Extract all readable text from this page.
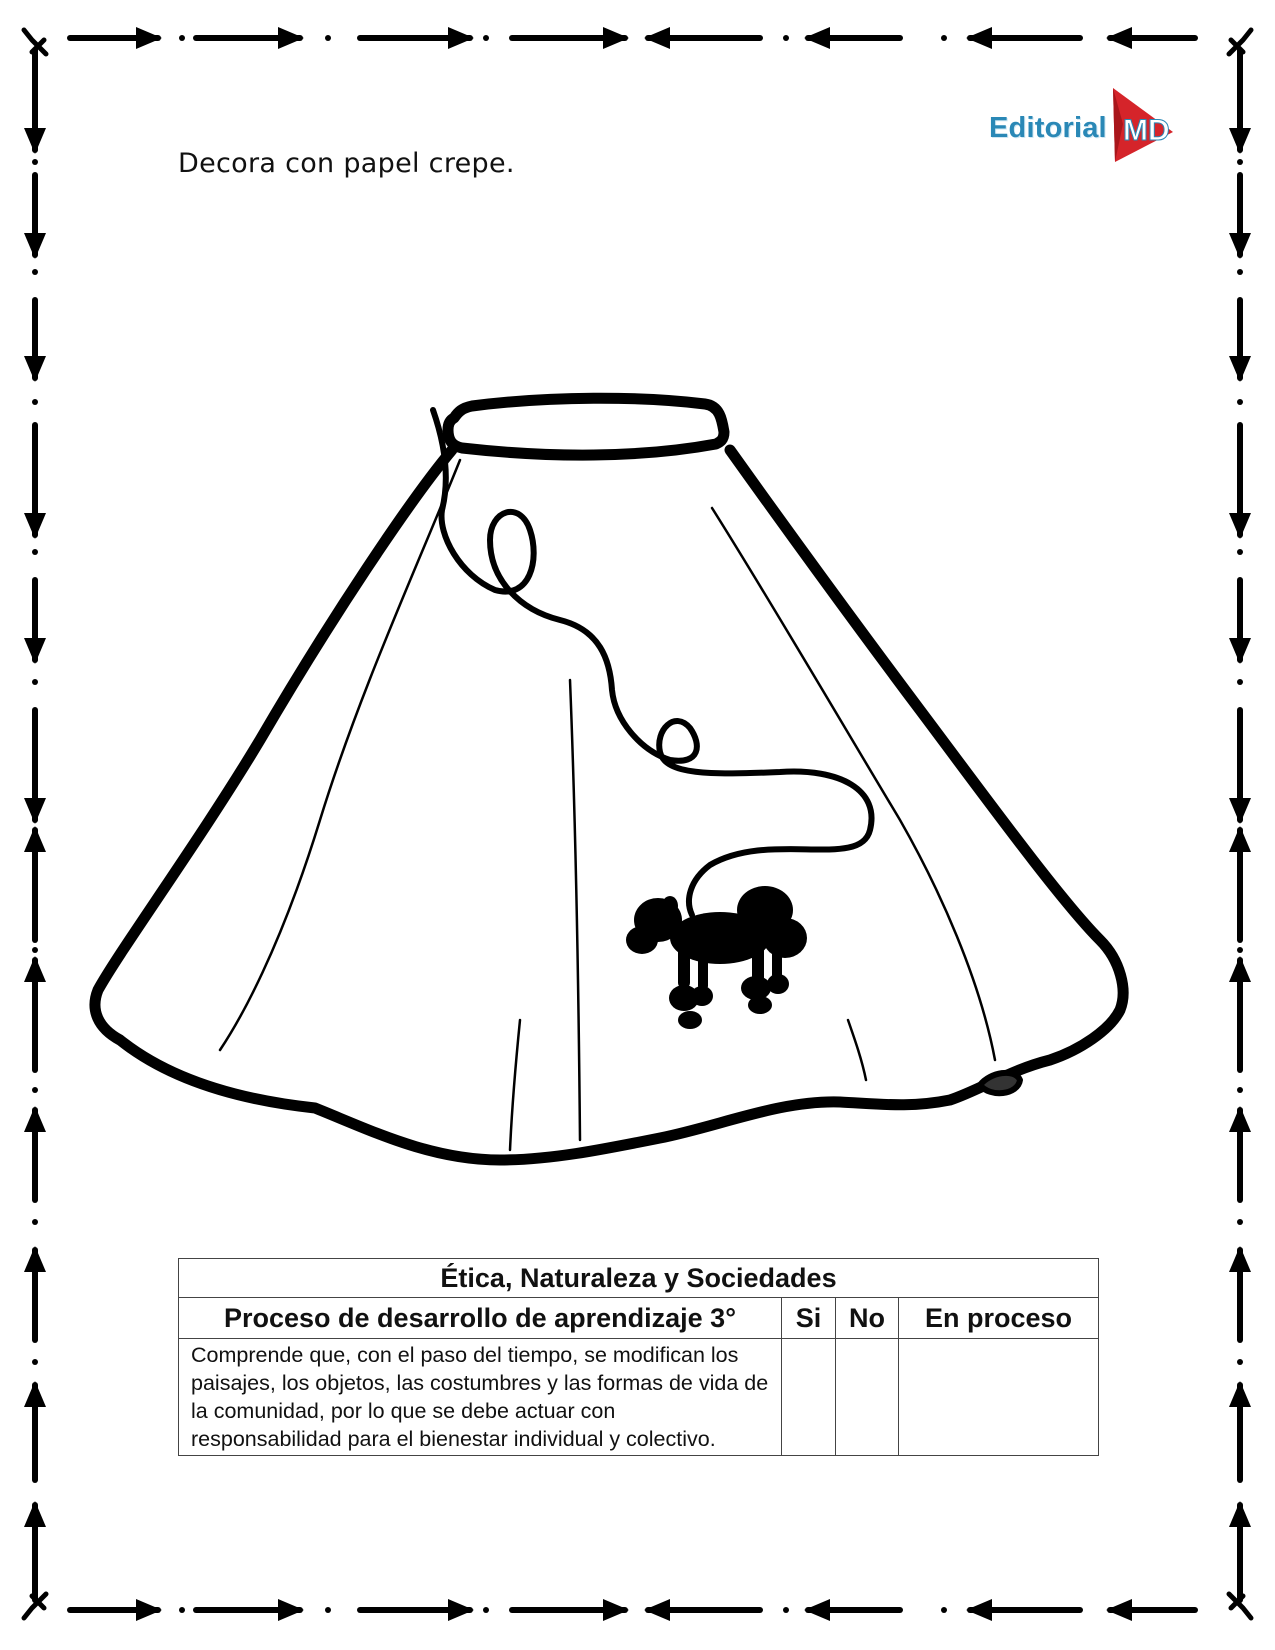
Decora con papel crepe.
Editorial MD
Ética, Naturaleza y Sociedades			
Proceso de desarrollo de aprendizaje 3°	Si	No	En proceso
Comprende que, con el paso del tiempo, se modifican los paisajes, los objetos, las costumbres y las formas de vida de la comunidad, por lo que se debe actuar con responsabilidad para el bienestar individual y colectivo.			
